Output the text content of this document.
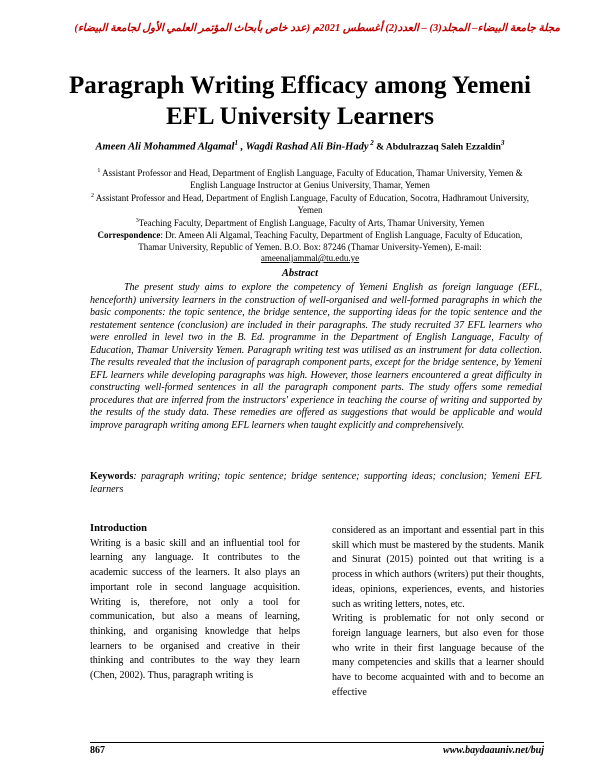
مجلة جامعة البيضاء– المجلد(3) – العدد(2) أغسطس 2021م (عدد خاص بأبحاث المؤتمر العلمي الأول لجامعة البيضاء)
Paragraph Writing Efficacy among Yemeni
EFL University Learners
Ameen Ali Mohammed Algamal$^1$ , Wagdi Rashad Ali Bin-Hady $^2$ & Abdulrazzaq Saleh Ezzaldin$^3$

$^1$ Assistant Professor and Head, Department of English Language, Faculty of Education, Thamar University, Yemen & English Language Instructor at Genius University, Thamar, Yemen

$^2$ Assistant Professor and Head, Department of English Language, Faculty of Education, Socotra, Hadhramout University, Yemen

$^3$Teaching Faculty, Department of English Language, Faculty of Arts, Thamar University, Yemen

Correspondence: Dr. Ameen Ali Algamal, Teaching Faculty, Department of English Language, Faculty of Education, Thamar University, Republic of Yemen. B.O. Box: 87246 (Thamar University-Yemen), E-mail:
ameenaljammal@tu.edu.ye

Abstract

The present study aims to explore the competency of Yemeni English as foreign language (EFL, henceforth) university learners in the construction of well-organised and well-formed paragraphs in which the basic components: the topic sentence, the bridge sentence, the supporting ideas for the topic sentence and the restatement sentence (conclusion) are included in their paragraphs. The study recruited 37 EFL learners who were enrolled in level two in the B. Ed. programme in the Department of English Language, Faculty of Education, Thamar University Yemen. Paragraph writing test was utilised as an instrument for data collection. The results revealed that the inclusion of paragraph component parts, except for the bridge sentence, by Yemeni EFL learners while developing paragraphs was high. However, those learners encountered a great difficulty in constructing well-formed sentences in all the paragraph component parts. The study offers some remedial procedures that are inferred from the instructors' experience in teaching the course of writing and supported by the results of the study data. These remedies are offered as suggestions that would be applicable and would improve paragraph writing among EFL learners when taught explicitly and comprehensively.

Keywords: paragraph writing; topic sentence; bridge sentence; supporting ideas; conclusion; Yemeni EFL learners

Introduction

Writing is a basic skill and an influential tool for learning any language. It contributes to the academic success of the learners. It also plays an important role in second language acquisition. Writing is, therefore, not only a tool for communication, but also a means of learning, thinking, and organising knowledge that helps learners to be organised and creative in their thinking and contributes to the way they learn (Chen, 2002). Thus, paragraph writing is

considered as an important and essential part in this skill which must be mastered by the students. Manik and Sinurat (2015) pointed out that writing is a process in which authors (writers) put their thoughts, ideas, opinions, experiences, events, and histories such as writing letters, notes, etc.

Writing is problematic for not only second or foreign language learners, but also even for those who write in their first language because of the many competencies and skills that a learner should have to become acquainted with and to become an effective

867	www.baydaauniv.net/buj
